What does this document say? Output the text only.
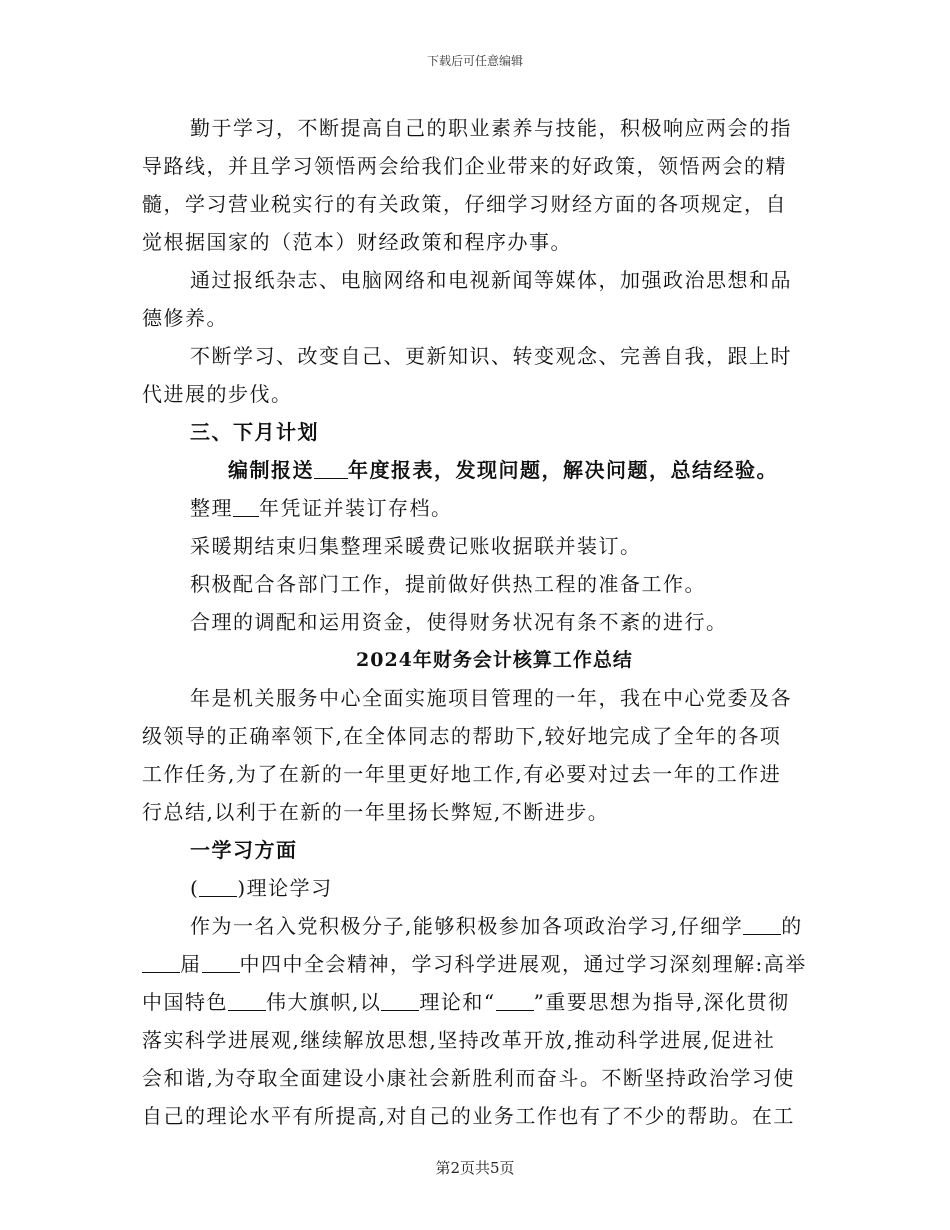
下载后可任意编辑
勤于学习，不断提高自己的职业素养与技能，积极响应两会的指
导路线，并且学习领悟两会给我们企业带来的好政策，领悟两会的精
髓，学习营业税实行的有关政策，仔细学习财经方面的各项规定，自
觉根据国家的（范本）财经政策和程序办事。
通过报纸杂志、电脑网络和电视新闻等媒体，加强政治思想和品
德修养。
不断学习、改变自己、更新知识、转变观念、完善自我，跟上时
代进展的步伐。
三、下月计划
编制报送 年度报表，发现问题，解决问题，总结经验。
整理 年凭证并装订存档。
采暖期结束归集整理采暖费记账收据联并装订。
积极配合各部门工作，提前做好供热工程的准备工作。
合理的调配和运用资金，使得财务状况有条不紊的进行。
2024年财务会计核算工作总结
年是机关服务中心全面实施项目管理的一年，我在中心党委及各
级领导的正确率领下,在全体同志的帮助下,较好地完成了全年的各项
工作任务,为了在新的一年里更好地工作,有必要对过去一年的工作进
行总结,以利于在新的一年里扬长弊短,不断进步。
一学习方面
( )理论学习
作为一名入党积极分子,能够积极参加各项政治学习,仔细学 的
届 中四中全会精神，学习科学进展观，通过学习深刻理解:高举
中国特色 伟大旗帜,以 理论和“ ”重要思想为指导,深化贯彻
落实科学进展观,继续解放思想,坚持改革开放,推动科学进展,促进社
会和谐,为夺取全面建设小康社会新胜利而奋斗。不断坚持政治学习使
自己的理论水平有所提高,对自己的业务工作也有了不少的帮助。在工
第2页共5页
